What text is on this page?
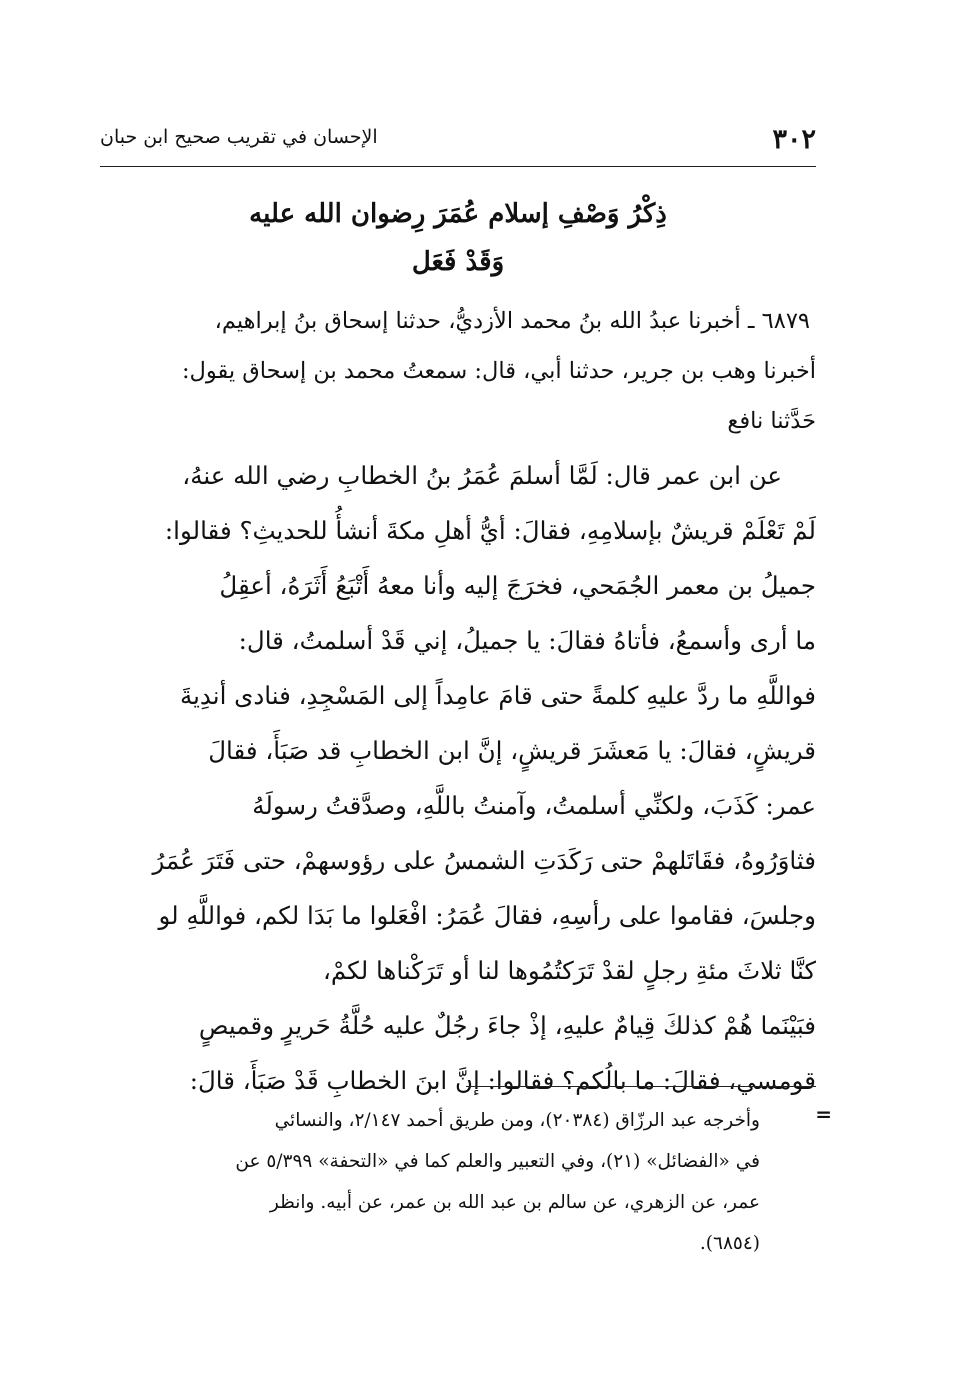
٣٠٢
الإحسان في تقريب صحيح ابن حبان
ذِكْرُ وَصْفِ إسلام عُمَرَ رِضوان الله عليه
وَقَدْ فَعَل
٦٨٧٩ ـ أخبرنا عبدُ الله بنُ محمد الأزديُّ، حدثنا إسحاق بنُ إبراهيم،
أخبرنا وهب بن جرير، حدثنا أبي، قال: سمعتُ محمد بن إسحاق يقول:
حَدَّثنا نافع
عن ابن عمر قال: لَمَّا أسلمَ عُمَرُ بنُ الخطابِ رضي الله عنهُ،
لَمْ تَعْلَمْ قريشٌ بإسلامِهِ، فقالَ: أيُّ أهلِ مكةَ أنشأُ للحديثِ؟ فقالوا:
جميلُ بن معمر الجُمَحي، فخرَجَ إليه وأنا معهُ أَتْبَعُ أَثَرَهُ، أعقِلُ
ما أرى وأسمعُ، فأتاهُ فقالَ: يا جميلُ، إني قَدْ أسلمتُ، قال:
فواللَّهِ ما ردَّ عليهِ كلمةً حتى قامَ عامِداً إلى المَسْجِدِ، فنادى أندِيةَ
قريشٍ، فقالَ: يا مَعشَرَ قريشٍ، إنَّ ابن الخطابِ قد صَبَأَ، فقالَ
عمر: كَذَبَ، ولكنِّي أسلمتُ، وآمنتُ باللَّهِ، وصدَّقتُ رسولَهُ
فثاوَرُوهُ، فقَاتَلهمْ حتى رَكَدَتِ الشمسُ على رؤوسهمْ، حتى فَتَرَ عُمَرُ
وجلسَ، فقاموا على رأسِهِ، فقالَ عُمَرُ: افْعَلوا ما بَدَا لكم، فواللَّهِ لو
كنَّا ثلاثَ مئةِ رجلٍ لقدْ تَرَكتُمُوها لنا أو تَرَكْناها لكمْ،
فبَيْنَما هُمْ كذلكَ قِيامٌ عليهِ، إذْ جاءَ رجُلٌ عليه حُلَّةُ حَريرٍ وقميصٍ
قومسي، فقالَ: ما بالُكم؟ فقالوا: إنَّ ابنَ الخطابِ قَدْ صَبَأَ، قالَ:
=
وأخرجه عبد الرزّاق (٢٠٣٨٤)، ومن طريق أحمد ٢/١٤٧، والنسائي
في «الفضائل» (٢١)، وفي التعبير والعلم كما في «التحفة» ٥/٣٩٩ عن
عمر، عن الزهري، عن سالم بن عبد الله بن عمر، عن أبيه. وانظر
(٦٨٥٤).
